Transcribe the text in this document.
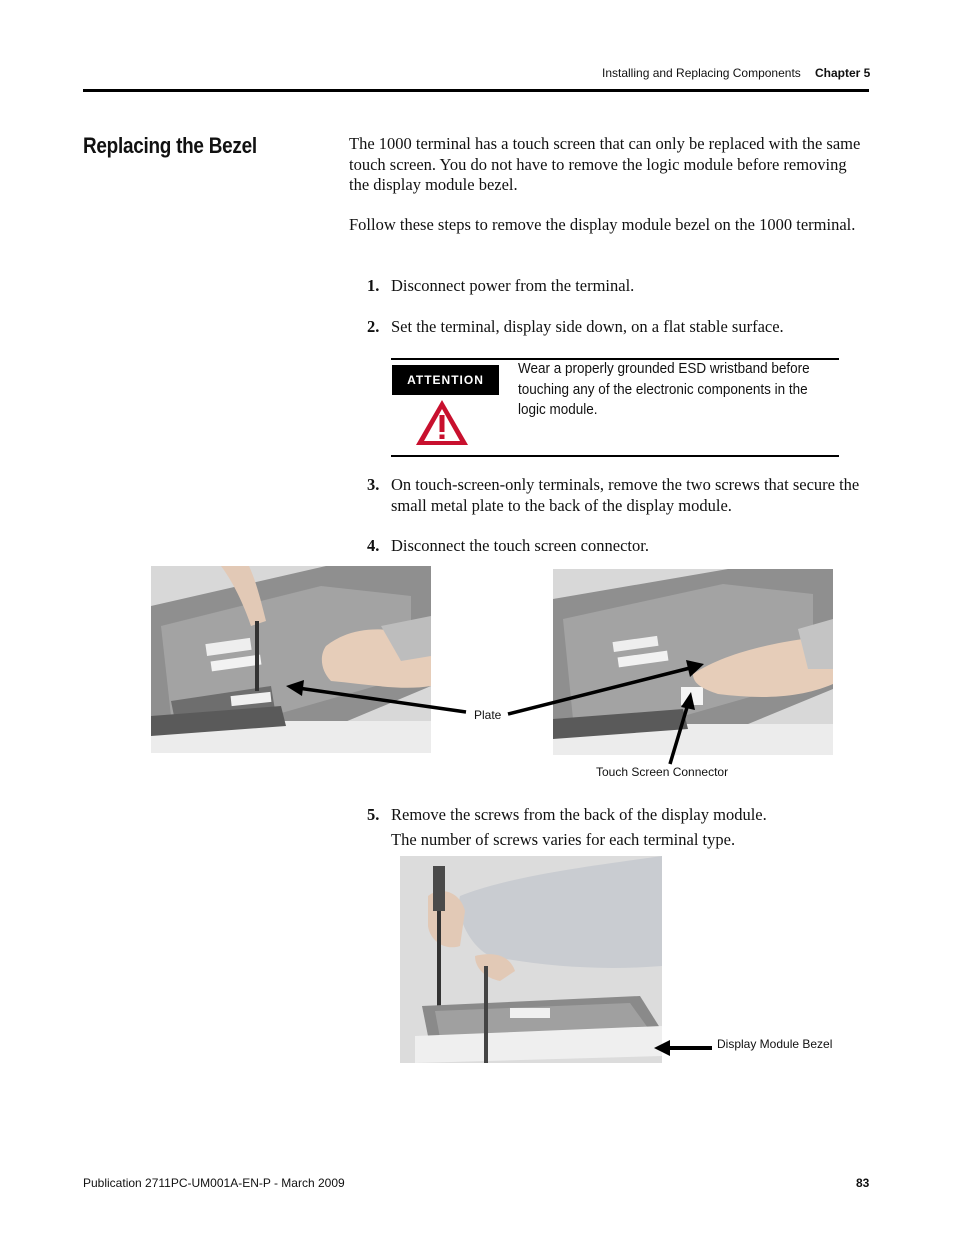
Installing and Replacing Components Chapter 5
Replacing the Bezel	The 1000 terminal has a touch screen that can only be replaced with the same touch screen. You do not have to remove the logic module before removing the display module bezel.
Follow these steps to remove the display module bezel on the 1000 terminal.
1. Disconnect power from the terminal.
2. Set the terminal, display side down, on a flat stable surface.
ATTENTION
Wear a properly grounded ESD wristband before touching any of the electronic components in the logic module.
3. On touch-screen-only terminals, remove the two screws that secure the small metal plate to the back of the display module.
4. Disconnect the touch screen connector.
Plate
Touch Screen Connector
5. Remove the screws from the back of the display module.
The number of screws varies for each terminal type.
Display Module Bezel
Publication 2711PC-UM001A-EN-P - March 2009	83
